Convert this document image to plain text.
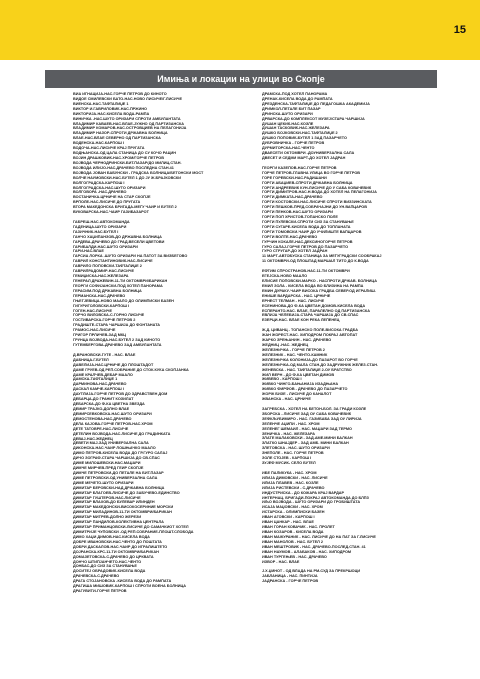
15
Имиња и локации на улици во Скопје
ВИА ИГНАЦИЈА-НАС.ГОРЧЕ ПЕТРОВ ДО КИНОТО
ВИДОЕ СМИЛЕВСКИ БАТО-НАС.НОВО ЛИСИЧЕ/Г.ЛИСИЧЕ
ВИЕНСКА-НАС.ТАФТАЛИЏЕ 1
ВИКТОР И.ГАВРИЛОВИЌ-НАС.ПРЖИНО
ВИКТОРИЈА-НАС.КИСЕЛА ВОДА-РАМПА
ВИНИЧКА -НАС.ШУТО ОРИЗАРИ СПРОТИ АМБУЛАНТАТА
ВЛАДИМИР КАВАЕВ-НАС.ВЛАЕ-ЈУЖНО ОД ПАРТИЗАНСКА
ВЛАДИМИР КОМАРОВ-НАС.ОСТРОВЦИЕВ НА ПЕЛАГОНИЈА
ВЛАДИМИР НАЗОР-СПРОТИ ДРЖАВНА БОЛНИЦА
ВЛАЕ-НАС.ВЛАЕ СЕВЕРНО ОД ПАРТИЗАНСКА
ВОДЕНСКА-НАС.КАРПОШ I
ВОДОЧА-НАС.ЛИСИЧЕ КРАЈ ПРУГАТА
ВОДЊАНСКА-ОД ЦАЛА СТАНИЦА ДО СУ КОЧО РАЦИН
ВОЈИН ДРАШКОВИЌ-НАС.ХРОМ/ГОРЧЕ ПЕТРОВ
ВОЈВОДА ЧЕРНОДРИНСКИ-БИТ.ПАЗАР/ДО МИЛИЦ.СТАН.
ВОЈВОДА ИЛИЈО-НАС.ДРАЧЕВО ПОСЛЕДНА СТАН.41
ВОЈВОДА ЈОВАН БАБУНСКИ - ГРАДСКА БОЛНИЦА/БЕТОНСКИ МОСТ
ВОЛЧЕ НАУМОВСКИ-НАС.БУТЕЛ 1 ДО ЈУ Ж.БРАЈКОВСКИ
ВОЛГОГРАДСКА-КАРПОШ I
ВОЛГОГРАДСКА-НАС.ШУТО ОРИЗАРИ
ВОЛГОВОРА -НАС.ДРАЧЕВО
ВОСТАНИЧКА-ЦРНИЧЕ НА СТАР СКОПЈЕ
ВРПОЛЕ-НАС.ЛИСИЧЕ ДО ПРУГАТА
ВТОРА МАКЕДОНСКА БРИГАДА-МЕЃУ ЧАИР И БУТЕЛ 2
ВУКОВАРСКА-НАС.ЧАИР ГАЗИБАЗАРОТ
ГАБРЕШ-НАС.АВТОКОМАНДА
ГАДЕНИЦА-ШУТО ОРИЗАРИ
ГАЗИЧНИК-НАС.БУТЕЛ I
ГАНЧО ХАЏИПАНЗОВ-ДО ДРЖАВНА БОЛНИЦА
ГАРДЕВА-ДРАЧЕВО ДО ГРАД.ВЕСЕЛИ ЦВЕТОВИ
ГАРИБАЛДИ-НАС.ШУТО ОРИЗАРИ
ГАРИ-НАС.ВЛАЕ
ГАРСИА ЛОРКА -ШУТО ОРИЗАРИ НА ПАТОТ ЗА ВИЗБЕГОВО
ГАВРИЛ КОНСТАНТИНОВИЌ-НАС.ЛИСИЧЕ
ГАВРИЛО ПОПОВСКИ-ТАФТАЛИЏЕ 2
ГАВРИЛРАДОМИР-НАС.ЛИСИЧЕ
ГЕМИЏИСКА-НАС.ЖЕЛЕЗАРА
ГЕНЕРАЛ ДРАЖЕВИН-11-ТИ ОКТОМВРИ/БАРИКАН
ГЕОРГИ СОФИЈАНСКИ-ПОД ХОТЕЛ ПАНОРАМА
ГЕРАСИМ-ПОД ДРЖАВНА БОЛНИЦА
ГЕРМАНСКА-НАС.ДРАЧЕВО
ГЊЕГЈЕВИЦА-НОВО МААЛО ДО ОЛИМПИСКИ БАЗЕН
ГИГУРИГОЛОВСКИ-КАРПОШ I
ГОГЕН-НАС.ЛИСИЧЕ
ГОРЧО ВИЛОВСКА-С.ГОРНО ЛИСИЧЕ
ГОСТИВАРСКА-ГОРЧЕ ПЕТРОВ 2
ГРАДИШТЕ-СТАРА ЧАРШИЈА ДО ФОНТАНАТА
ГРАМОС-НАС.ЛИСИЧЕ
ГРИГОР ПРЛИЧЕВ-ЗАД МКЦ
ГРУНЦА ВОЈВОДА-НАС.БУТЕЛ 2 ЗАД КИНОТО
ГУТЕМБЕРГОВА-ДРАЧЕВО ЗАД АМБУЛАНТАТА
Д.ВРАНОВСКИ-ГУТЕ - НАС. ВЛАЕ
ДАБНИЦА-Г.БУТЕЛ
ДАВЕЛИЈА-НАС.ЦРНИЧЕ ДО ПЛОШТАДОТ
ДАМЕ ГРУЕВ-ОД РЕП.СОБРАНИЕ ДО СТОК.КУЌА СКОПЈАНКА
ДАМЕ КРАЛЧЕВ-ДЕБАР МААЛО
ДАМСКА-ТАФТАЛИЏЕ 1
ДАРМИНОВА-НАС.ДРАЧЕВО
ДАСКАЛ КАМЧЕ-КАРПОШ I
ДАУТЛИЈА-ГОРЧЕ ПЕТРОВ ДО ЗДРАВСТВЕН ДОМ
ДЕБАРЦА-ДО ГРАНИТ КОЗИЛАТ
ДЕБАРСКА-ДО Ф-КА ЦВЕТНА ЗВЕЗДА
ДЕМИР ТРАЈКО-ДОЛНО ВЛАЕ
ДЕМИРСЕВКОВСКА-НАС.ШУТО ОРИЗАРИ
ДЕМОСТЕНОВА-НАС.ДРАЧЕВО
ДЕЛА КАЈОВА-ГОРЧЕ ПЕТРОВ-НАС.ХРОМ
ДЕТЕ ТАТОВРЕ-НАС.ЛИСИЧЕ
ДЕТЕЛИН ВОЈВОДА-НАС.ЛИСИЧЕ ДО ГРАДИНКАТА
ДЕВАЈ-НАС.ЖЕДНЕЦ
ДЕВЕТИ МАЈ-ЗАД УНИВЕРЗАЛНА САЛА
ДИКОНСКА-НАС.ЧАИР ЛОШЊАЧКО МААЛО
ДИМО ПЕТРОВ-КИСЕЛА ВОДА ДО ГР.ГУРО САЛАЈ
ДИЧО ЗОГРАФ-СТАРА ЧАРШИЈА ДО СВ.СПАС
ДИМЕ МИЛОШЕВСКИ-НАС.МАЏАРИ
ДИМЧЕ МИРЧЕВ-ПРЕД ГЕИР СКОПЈЕ
ДИМЧЕ ПЕТРОВСКИ-ДО ПЕТАЛЕ НА БИТ.ПАЗАР
ДИМЕ ПЕТРОВСКИ-ОД УНИВЕРЗАЛНА САЛА
ДИМЕ МЕЧЕТО-ШУТО ОРИЗАРИ
ДИМИТАР БЕРОВСКИ-НАД ДРЖАВНА БОЛНИЦА
ДИМИТАР БЛАГОЕВ-ЛИСИЧЕ ДО ЗАБУЧЕВО-ЕДИНСТВО
ДИМИТАР ГУШТЕРОВ-НАС.ЛИСИЧЕ
ДИМИТАР ВЛАХОВ-ДО БУЛЕВАР ИЛИНДЕН
ДИМИТАР МАКЕДОНСКИ-ВИСОКОСЕРИНИЕ МОРСКИ
ДИМИТАР МИЛАДИНОВ-11-ТИ ОКТОМВРИ/БАРИКАН
ДИМИТАР МИТРЕВ-ДОЛНО ЖЕРЕЗИ
ДИМИТАР ПАНДИЛОВ-КОЛЕКТИВНА ЦЕНТРАЛА
ДИМИТАР ПРИМАНЦОВСКИ-ЛИСИЧЕ ДО САМАЧКИОТ ХОТЕЛ
ДИМИТРИЈЕ ЧУПОВСКИ -ОД РЕП.СОБРАНИЕ-ПЛОШТ.СЛОБОДА
ДИМО ХАЏИ ДИМОВ-НАС.КИСЕЛА ВОДА
ДОБРЕ ИВАНОВСКИ-НАС.ЧЕНТО ДО ПОШТАТА
ДОБРИ ДАСКАЛОВ-НАС.ЧАИР ДО ИГРАЛИШТЕТО
ДОЈРАНСКА-КРС-11-ТИ ОКТОМВРИ/БАРИКАН
ДОМАЗЕТОВСКА-С.ДРАЧЕВО ДО ЦРКВАТА
ДОНЧО ШТИПЈАНЧЕТО-НАС.ЧЕНТО
ДОНБАС-ДО СИЗ ЗА СТАНУВАЊЕ
ДОСИТЕЈ ОБРАДОВИЌ-КИСЕЛА ВОДА
ДРАЧЕВСКА-С.ДРАЧЕВО
ДРАГА СТОЈАНОВСКА -КИСЕЛА ВОДА ДО РАМПАТА
ДРАГИША МИШОВИЌ-КАРПОШ I СПРОТИ ВОЕНА БОЛНИЦА
ДРАГУВИТИ-ГОРЧЕ ПЕТРОВ
ДРАМСКА-ПОД ХОТЕЛ ПАНОРАМА
ДРЕНАК-КИСЕЛА ВОДА ДО РАМПАТА
ДРЕЗДЕНСКА-ТАФТАЛИЏЕ ДО ПЕДАГОШКА АКАДЕМИЈА
ДРИМКОЛ-ПЕТАЛЕ БИТ ПАЗАР
ДРИНСКА-ШУТО ОРИЗАРИ
ДРВАРСКА-ДО КОМПЛЕКСОТ МУЗЕЈ/СТАРА ЧАРШИЈА
ДУШАН ЦЕКИЌ-НАС.КОЗЛЕ
ДУШАН ТАСКОВИЌ-НАС.ЖЕЛЕЗАРА
ДУШКО БОЈКОВСКИ-НАС.ТАФТАЛИЏЕ 2
ДУШКО ПОПОВИЌ-БУТЕЛ 1 ЗАД ПАЗАРЧЕТО
ДУБРОВНИЧКА - ГОРЧЕ ПЕТРОВ
ДУРМИТОРСКА-НАС.ЧЕНТО
ДВАЕСЕТИ ОКТОМВРИ -ДОУНИВЕРЗАЛНА САЛА
ДВЕСЕТ И СЕДМИ МАРТ-ДО ХОТЕЛ ЈАДРАН
ЃЕОРГИ КАЗЕПОВ-НАС.ГОРЧЕ ПЕТРОВ
ГОРЧЕ ПЕТРОВ-ГЛАВНА УЛИЦА ВО ГОРЧЕ ПЕТРОВ
ГОРЕ ГОРЕВСКИ-НАС.РАДИШАНИ
ГОРГИ АБАЏИЕВ-СПРОТИ ДРЖАВНА БОЛНИЦА
ГОРГИ АНДРЕЕВИЌ КУН-ЛИСИЧЕ ДО У САБА КОВАЧЕВИЌ
ГОРГИ ДИМИТРОВ-НАС.Н.ВОДА ДО ХОТЕЛ НА ПЕЛАГОНИЈА
ГОРГИ ДИМКАТА-НАС.ДРАЧЕВО
ГОРГИ КОСТОВСКИ-НАС.ЛИСИЧЕ СПРОТИ ВИЗЗИНСКАТА
ГОРГИ ПЕШКОВ-ПРЕД.СОБРАЧАЈНИ ДО УН.ВАПЦАРОВ
ГОРГИ ПЕНКОВ-НАС.ШУТО ОРИЗАРИ
ГОРГИ ПОП ХРИСТОВ-ТОПАНСКО ПОЛЕ
ГОРГИ ПУЛЕВСКИ-СПРОТИ СИЗ ЗА СТАНУВАЊЕ
ГОРГИ СУГАРЕ-КИСЕЛА ВОДА ДО ТОПЛАНАТА
ГОРГИ ТОМОВСКИ-ЧАИР ДО УЧИЛИШТЕ ВАПЦАРОВ
ГОРГИ ВОЛТЕ-НАС.ДРАЧЕВО
ГУРЧИН КОКАЛЕ-НАС.ДЕКСИНОГОРЧЕ ПЕТРОВ
ГУРО САЛАЈ-ГОРЧЕ ПЕТРОВ ДО ПАЗАРЧЕТО
ГУРО СТРУГАР-ДО ХОТЕЛ ЈАДРАН
11 МАРТ-АВТОБУСКА СТАНИЦА ЗА МЕЃУГРАДСКИ СООБРАЌАЈ
11 ОКТОМВРИ-ОД ПЛОШТАД МАРШАЛ ТИТО ДО К.ВОДА
ЕФТИМ СПРОСТРАНОВ-НАС.11-ТИ ОКТОМВРИ
ЕГЕЈСКА-НОВО МААЛО
ЕЛИСИЕ ПОПОВСКИ-МАРКО - НАСПРОТИ ДРЖАВ. БОЛНИЦА
ЕМИЛ ЗОЛА - КИСЕЛА ВОДА ВО БЛИЗИНА НА РАМПА
ЕМИН ДУРАКУ-ЧАИР ВИСОКА ГРАДБА СЕВЕР.ОД ИГРАЛИШ.
ЕНИШЕ ВАРДАРСКА - НАС. ЦРНИЧЕ
ЕРНЕСТ ТЕЛМАН - НАС. ЛИСИЧЕ
ЕСЕНИНОВА-ДО Ф-КА ЦВЕТАН ДОМОВ-КИСЕЛА ВОДА
ЕСПЕРАНТО-НАС. ВЛАЕ, ПАРАЛЕЛНО ОД ПАРТИЗАНСКА
ЕВЛИЈА ЧЕЛЕБИЈА-СТАРА ЧАРШИЈА ДО СВ.СПАС
ЕЗЕРЦИ-НАС. ВЛАЕ КОН РЕКА ЛЕПЕНЕЦ
Ж.Д. ЦИВАНЦ - ТОПАНСКО ПОЛЕ-ВИСОКА ГРАДБА
ЖАН ЖОРЕСТ-НАС. ХИПОДРОМ ПОКРАЈ АВТОПАТ
ЖАРКО ЗРЕЊАНИН - НАС. ДРАЧЕВО
ЖЕДНИЦ -НАС. ЖЕДНЕЦ
ЖЕЛЕЗНИЧКА - ГОРЧЕ ПЕТРОВ 2
ЖЕЛЕЗНИК - НАС. ЧЕНТО-КАМНИК
ЖЕЛЕЗНИЧКА КОЛОНИЈА-ДО ПАЗАРОТ ВО ГОРЧЕ
ЖЕЛЕЗНИЧКА-ОД МАЛА СТАН.ДО ЗАДРУЖНИК ЖЕЛЕЗ.СТАН.
ЖЕНЕВСКА - НАС. ТАФТАЛИЏЕ 2-ОУ БРАТСТВО
ЖИЛ ВЕРН - ДО Ф-КА ЦВЕТАН ДИМОВ
ЖИВЕВО - КАРПОШ I
ЖИВКО ЧИНГО-БАЊАНИЈА ИЗАДЊАНА
ЖИВКО ФИРФОВ - ДРАЧЕВО ДО ПАЗАРЧЕТО
ЖОРЖ БИЗЕ - ЛИСИЧЕ ДО КАНАЛОТ
ЖВАНСКА - НАС. ЦРНИЧЕ
ЗАГРЕБСКА - ХОТЕЛ НА БЕТОН-БОЛ. ЗА ГРАДИ КОЗЛЕ
ЗБОРСКА - ЛИСИЧЕ ЗАД ОУ САБА КОВАЧЕВИЌ
ЗЕФКЉУБИМИРО - НАС. ГАЗИБАБА ЗАД ОУ ЛИРИЈА
ЗЕЛЕНЧЕ АЏИПИ - НАС. ХРОМ
ЗЕЛЕНЕГ ШЕМАИЛ - НАС. МАЏАРИ ЗАД ТЕРМО
ЗЕНИЧКА - НАС. ЖЕЛЕЗАРА
ЗЛАТЕ МАЛАКОВСКИ - ЗАД.АМЕ.МИНИ БАЛКАН
ЗЛАТКО ШНАЈДЕР - ЗАД АМБ. МИНИ БАЛКАН
ЗЛЕТОВСКА - НАС. ШУТО ОРИЗАРИ
ЗНЕПОЛЕ - НАС. ГОРЧЕ ПЕТРОВ
ЗОЛЕ СТОЈЕВ - КАРПОШ I
ЗУЈЕФ МУСИК- СЕЛО БУТЕЛ
ИБЕ ПАЛИКУЌА - НАС. ХРОМ
ИЛИЈА ДИМОВСКИ - НАС. ЛИСИЧЕ
ИЛИЈА ПЛАВЕВ - НАС. КОЗЛЕ
ИЛИЈА РИСТЕВСКИ - С.ДРАЧЕВО
ИНДУСТРИСКА - ДО КОЖАРА КРАЈ ВАРДАР
ИНТЕРНАЦ. БРИГАДИ-ПОКРАЈ АВТОКОМАНДА ДО БЛПЗ
ИЉО ВОЈВОДА - ШУТО ОРИЗАРИ ДО ГРОБИШТАТА
ИСАЈА МАЏОВСКИ - НАС. ХРОМ
ИСТАРСКА - ОЛИМПИСКИ БАЗЕН
ИВАН АГОВСКИ - КАРПОШ I
ИВАН ЦАНКАР - НАС. ВЛАЕ
ИВАН ГОРАН КОВАЧИЌ - НАС. ПРОЛЕТ
ИВАН КОЗАРОВ - КИСЕЛА ВОДА
ИВАН МАЖУРАНИЌ - НАС. ЛИСИЧЕ ДО НА ПАТ ЗА Г.ЛИСИЧЕ
ИВАН МАНОЛОВ - НАС. БУТЕЛ 2
ИВАН МЕШТРОВИЌ - НАС. ДРАЧЕВО-ПОСЛЕД.СТАН. 41
ИВАН НАУМОВ - АЛАБАКОВ - НАС. ХИПОДРОМ
ИВАН ТУРГЕЊЕВ - НАС. ДРАЧЕВО
ИЗВОР - НАС. ВЛАЕ
Ј.Х.ЏИНОТ - ОД ВЛАДА НА РМ-СУД ЗА ПРЕКРШОЦИ
ЈАБЛАНИЦА - НАС. ПИНТИЈА
ЈАДРАНСКА - ГОРЧЕ ПЕТРОВ
